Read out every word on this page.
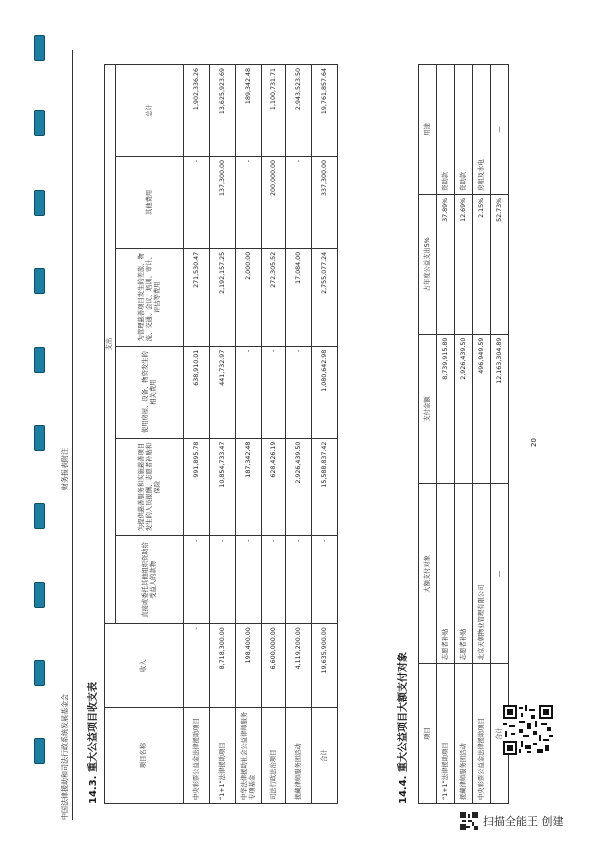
中国法律援助和司法行政系统发展基金会
财务报表附注
14.3. 重大公益项目收支表	项目名称	收入	支出					
		直接或委托其他组织资助给受益人的款物	为提供慈善服务和实施慈善项目发生的人员报酬、志愿者补贴和保险	使用房屋、设备、物资发生的相关费用	为管理慈善项目发生的差旅、物流、交通、会议、培训、审计、评估等费用	其他费用	总计
中央彩票公益金法律援助项目	-	-	991,895.78	638,910.01	271,530.47	-	1,902,336.26
“1+1”法律援助项目	8,718,300.00	-	10,854,733.47	441,732.97	2,192,157.25	137,300.00	13,625,923.69
中华法律援助社会公益律师服务专项基金	198,400.00	-	187,342.48	-	2,000.00	-	189,342.48
司法行政法治项目	6,600,000.00	-	628,426.19	-	272,305.52	200,000.00	1,100,731.71
援藏律师服务团活动	4,119,200.00	-	2,926,439.50	-	17,084.00	-	2,943,523.50
合计	19,635,900.00	-	15,588,837.42	1,080,642.98	2,755,077.24	337,300.00	19,761,857.64
14.4. 重大公益项目大额支付对象 项目	大额支付对象	支付金额	占年度公益支出5%	用途
“1+1”法律援助项目	志愿者补贴	8,739,915.80	37.89%	资助款
援藏律师服务团活动	志愿者补贴	2,926,439.50	12.69%	资助款
中央彩票公益金法律援助项目	北京天朝物业管理有限公司	496,949.59	2.15%	房租及水电
合计	—	12,163,304.89	52.73%	—
20
扫描全能王 创建
